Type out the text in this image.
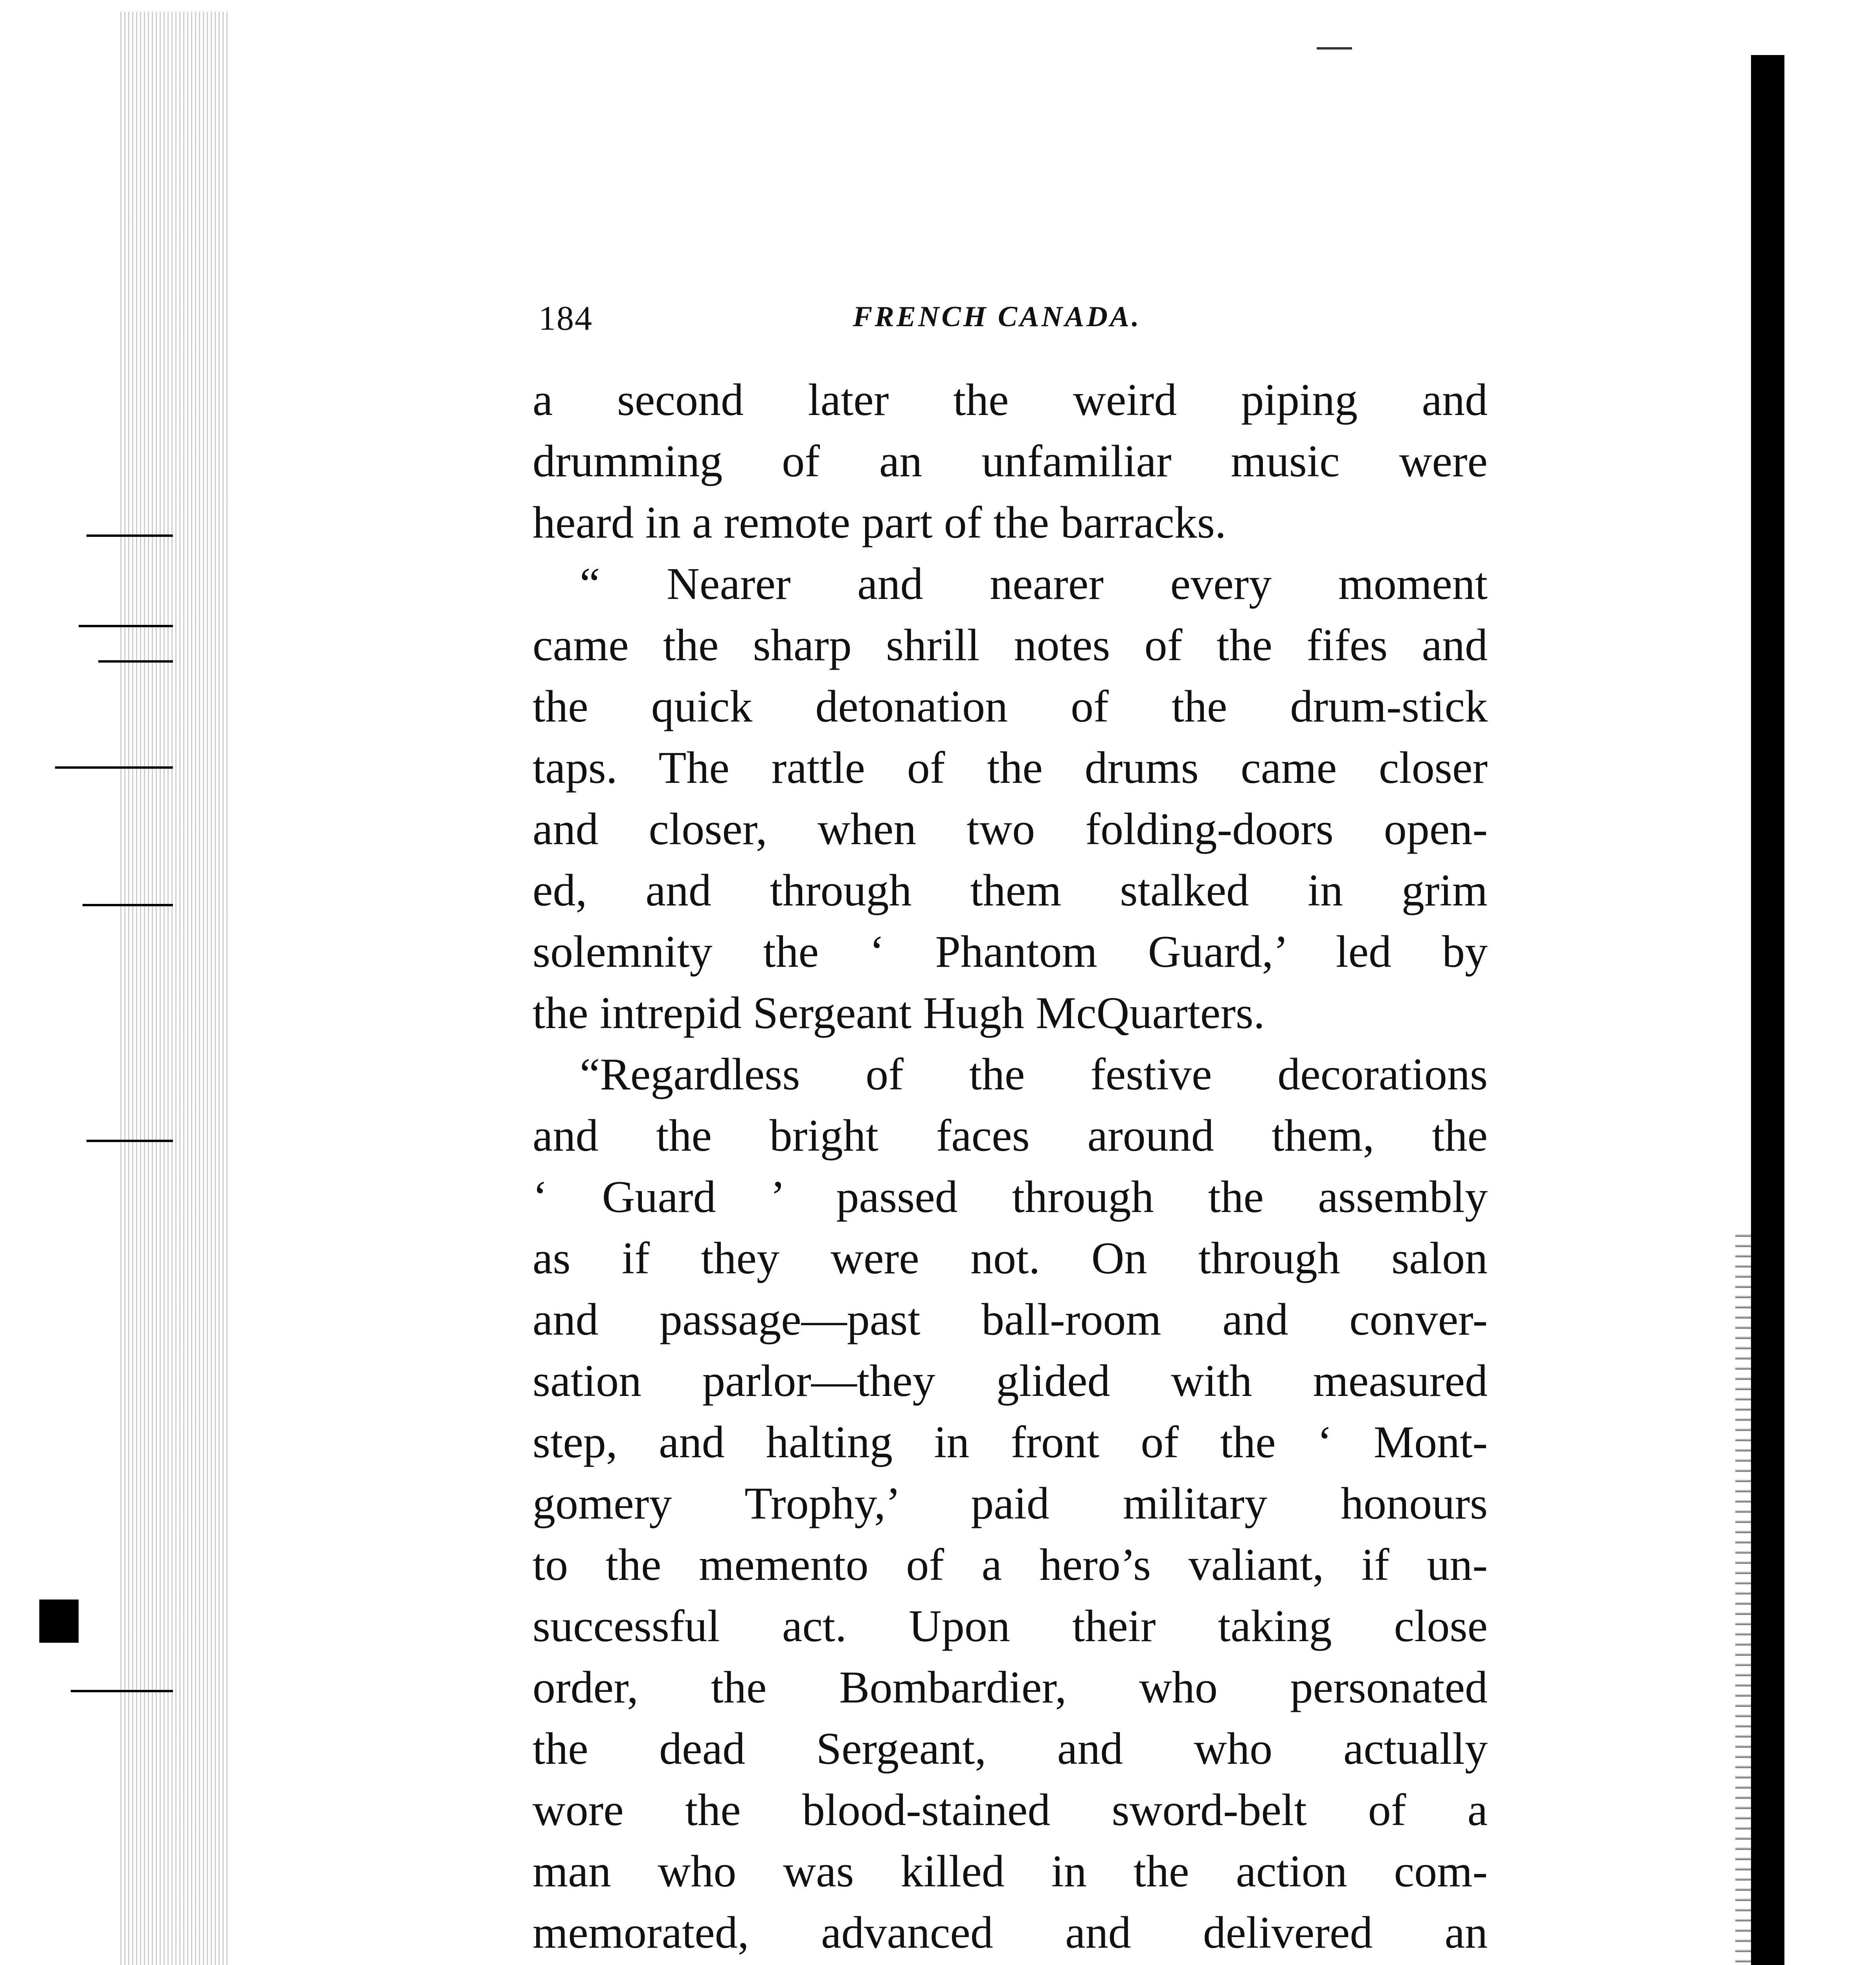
184	FRENCH CANADA.
a second later the weird piping and
drumming of an unfamiliar music were
heard in a remote part of the barracks.
“ Nearer and nearer every moment
came the sharp shrill notes of the fifes and
the quick detonation of the drum-stick
taps. The rattle of the drums came closer
and closer, when two folding-doors open-
ed, and through them stalked in grim
solemnity the ‘ Phantom Guard,’ led by
the intrepid Sergeant Hugh McQuarters.
“Regardless of the festive decorations
and the bright faces around them, the
‘ Guard ’ passed through the assembly
as if they were not. On through salon
and passage—past ball-room and conver-
sation parlor—they glided with measured
step, and halting in front of the ‘ Mont-
gomery Trophy,’ paid military honours
to the memento of a hero’s valiant, if un-
successful act. Upon their taking close
order, the Bombardier, who personated
the dead Sergeant, and who actually
wore the blood-stained sword-belt of a
man who was killed in the action com-
memorated, advanced and delivered an
